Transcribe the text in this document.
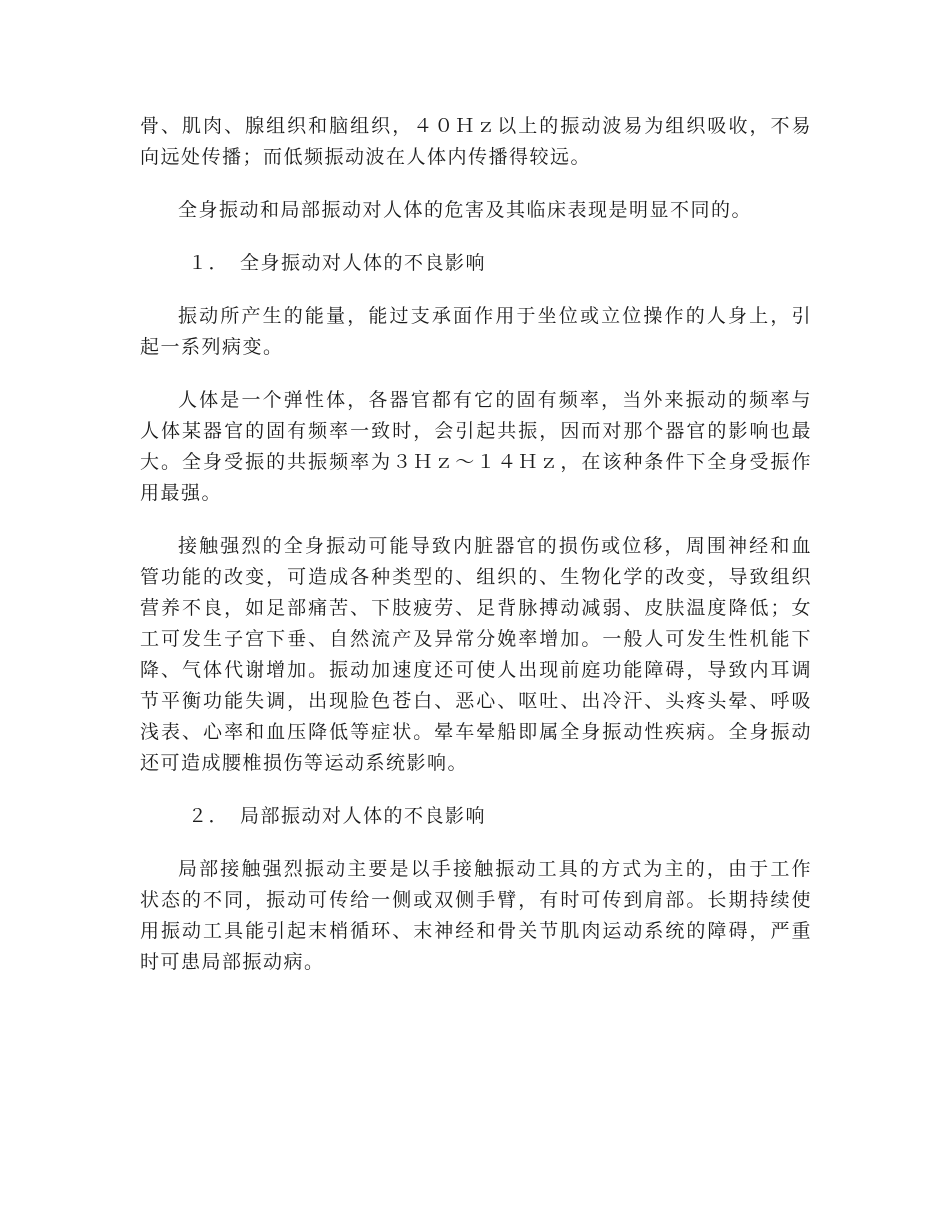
骨、肌肉、腺组织和脑组织，４０Ｈｚ以上的振动波易为组织吸收，不易向远处传播；而低频振动波在人体内传播得较远。

全身振动和局部振动对人体的危害及其临床表现是明显不同的。

１． 全身振动对人体的不良影响

振动所产生的能量，能过支承面作用于坐位或立位操作的人身上，引起一系列病变。

人体是一个弹性体，各器官都有它的固有频率，当外来振动的频率与人体某器官的固有频率一致时，会引起共振，因而对那个器官的影响也最大。全身受振的共振频率为３Ｈｚ～１４Ｈｚ，在该种条件下全身受振作用最强。

接触强烈的全身振动可能导致内脏器官的损伤或位移，周围神经和血管功能的改变，可造成各种类型的、组织的、生物化学的改变，导致组织营养不良，如足部痛苦、下肢疲劳、足背脉搏动减弱、皮肤温度降低；女工可发生子宫下垂、自然流产及异常分娩率增加。一般人可发生性机能下降、气体代谢增加。振动加速度还可使人出现前庭功能障碍，导致内耳调节平衡功能失调，出现脸色苍白、恶心、呕吐、出冷汗、头疼头晕、呼吸浅表、心率和血压降低等症状。晕车晕船即属全身振动性疾病。全身振动还可造成腰椎损伤等运动系统影响。

２． 局部振动对人体的不良影响

局部接触强烈振动主要是以手接触振动工具的方式为主的，由于工作状态的不同，振动可传给一侧或双侧手臂，有时可传到肩部。长期持续使用振动工具能引起末梢循环、末神经和骨关节肌肉运动系统的障碍，严重时可患局部振动病。
